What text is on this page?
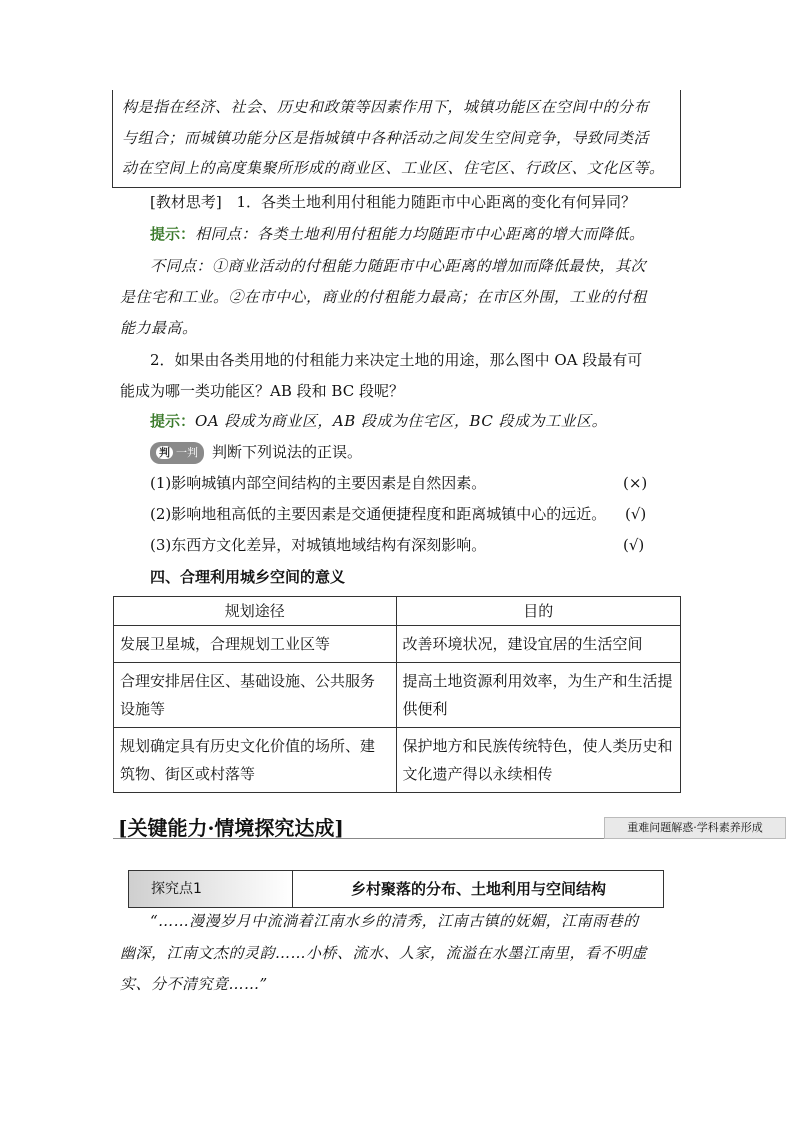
构是指在经济、社会、历史和政策等因素作用下，城镇功能区在空间中的分布
与组合；而城镇功能分区是指城镇中各种活动之间发生空间竞争，导致同类活
动在空间上的高度集聚所形成的商业区、工业区、住宅区、行政区、文化区等。
[教材思考] 1．各类土地利用付租能力随距市中心距离的变化有何异同？
提示：相同点：各类土地利用付租能力均随距市中心距离的增大而降低。
不同点：①商业活动的付租能力随距市中心距离的增加而降低最快，其次
是住宅和工业。②在市中心，商业的付租能力最高；在市区外围，工业的付租
能力最高。
2．如果由各类用地的付租能力来决定土地的用途，那么图中 OA 段最有可
能成为哪一类功能区？AB 段和 BC 段呢？
提示：OA 段成为商业区，AB 段成为住宅区，BC 段成为工业区。
判 一判 判断下列说法的正误。
(1)影响城镇内部空间结构的主要因素是自然因素。	(×)
(2)影响地租高低的主要因素是交通便捷程度和距离城镇中心的远近。 (√)
(3)东西方文化差异，对城镇地域结构有深刻影响。	(√)
四、合理利用城乡空间的意义
规划途径	目的
发展卫星城，合理规划工业区等	改善环境状况，建设宜居的生活空间
合理安排居住区、基础设施、公共服务设施等	提高土地资源利用效率，为生产和生活提供便利
规划确定具有历史文化价值的场所、建筑物、街区或村落等	保护地方和民族传统特色，使人类历史和文化遗产得以永续相传
[关键能力·情境探究达成]	重难问题解惑·学科素养形成
探究点1	乡村聚落的分布、土地利用与空间结构
“……漫漫岁月中流淌着江南水乡的清秀，江南古镇的妩媚，江南雨巷的
幽深，江南文杰的灵韵……小桥、流水、人家，流溢在水墨江南里，看不明虚
实、分不清究竟……”
